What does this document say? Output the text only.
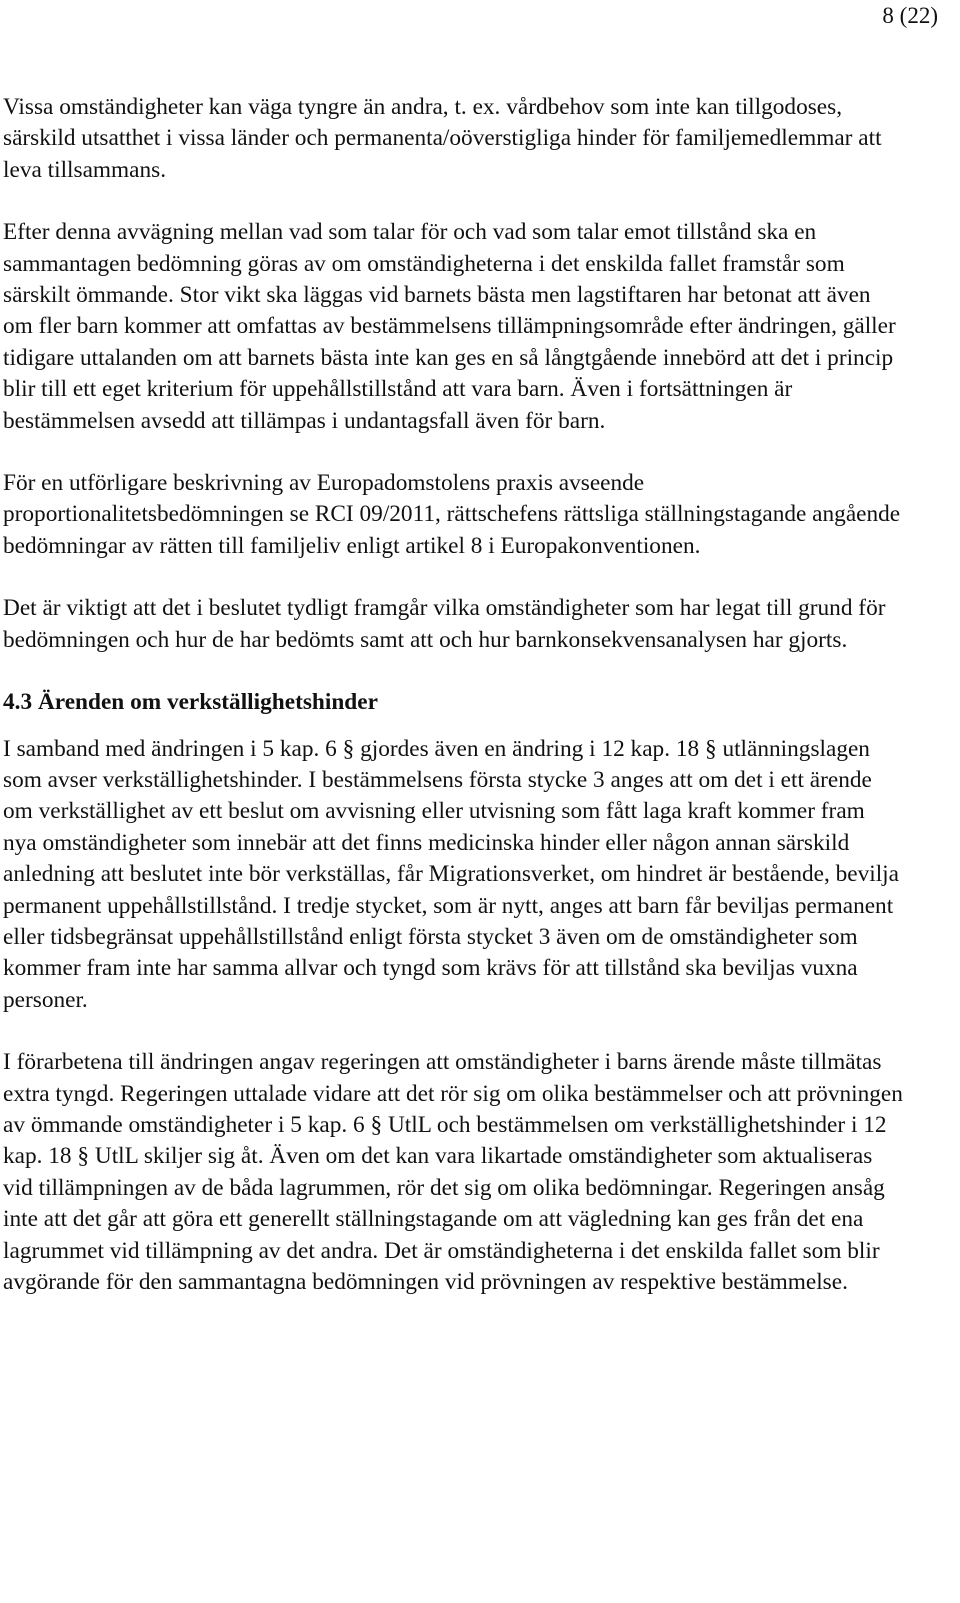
8 (22)

Vissa omständigheter kan väga tyngre än andra, t. ex. vårdbehov som inte kan tillgodoses, särskild utsatthet i vissa länder och permanenta/oöverstigliga hinder för familjemedlemmar att leva tillsammans.

Efter denna avvägning mellan vad som talar för och vad som talar emot tillstånd ska en sammantagen bedömning göras av om omständigheterna i det enskilda fallet framstår som särskilt ömmande. Stor vikt ska läggas vid barnets bästa men lagstiftaren har betonat att även om fler barn kommer att omfattas av bestämmelsens tillämpningsområde efter ändringen, gäller tidigare uttalanden om att barnets bästa inte kan ges en så långtgående innebörd att det i princip blir till ett eget kriterium för uppehållstillstånd att vara barn. Även i fortsättningen är bestämmelsen avsedd att tillämpas i undantagsfall även för barn.

För en utförligare beskrivning av Europadomstolens praxis avseende proportionalitetsbedömningen se RCI 09/2011, rättschefens rättsliga ställningstagande angående bedömningar av rätten till familjeliv enligt artikel 8 i Europakonventionen.

Det är viktigt att det i beslutet tydligt framgår vilka omständigheter som har legat till grund för bedömningen och hur de har bedömts samt att och hur barnkonsekvensanalysen har gjorts.

4.3 Ärenden om verkställighetshinder

I samband med ändringen i 5 kap. 6 § gjordes även en ändring i 12 kap. 18 § utlänningslagen som avser verkställighetshinder. I bestämmelsens första stycke 3 anges att om det i ett ärende om verkställighet av ett beslut om avvisning eller utvisning som fått laga kraft kommer fram nya omständigheter som innebär att det finns medicinska hinder eller någon annan särskild anledning att beslutet inte bör verkställas, får Migrationsverket, om hindret är bestående, bevilja permanent uppehållstillstånd. I tredje stycket, som är nytt, anges att barn får beviljas permanent eller tidsbegränsat uppehållstillstånd enligt första stycket 3 även om de omständigheter som kommer fram inte har samma allvar och tyngd som krävs för att tillstånd ska beviljas vuxna personer.

I förarbetena till ändringen angav regeringen att omständigheter i barns ärende måste tillmätas extra tyngd. Regeringen uttalade vidare att det rör sig om olika bestämmelser och att prövningen av ömmande omständigheter i 5 kap. 6 § UtlL och bestämmelsen om verkställighetshinder i 12 kap. 18 § UtlL skiljer sig åt. Även om det kan vara likartade omständigheter som aktualiseras vid tillämpningen av de båda lagrummen, rör det sig om olika bedömningar. Regeringen ansåg inte att det går att göra ett generellt ställningstagande om att vägledning kan ges från det ena lagrummet vid tillämpning av det andra. Det är omständigheterna i det enskilda fallet som blir avgörande för den sammantagna bedömningen vid prövningen av respektive bestämmelse.
